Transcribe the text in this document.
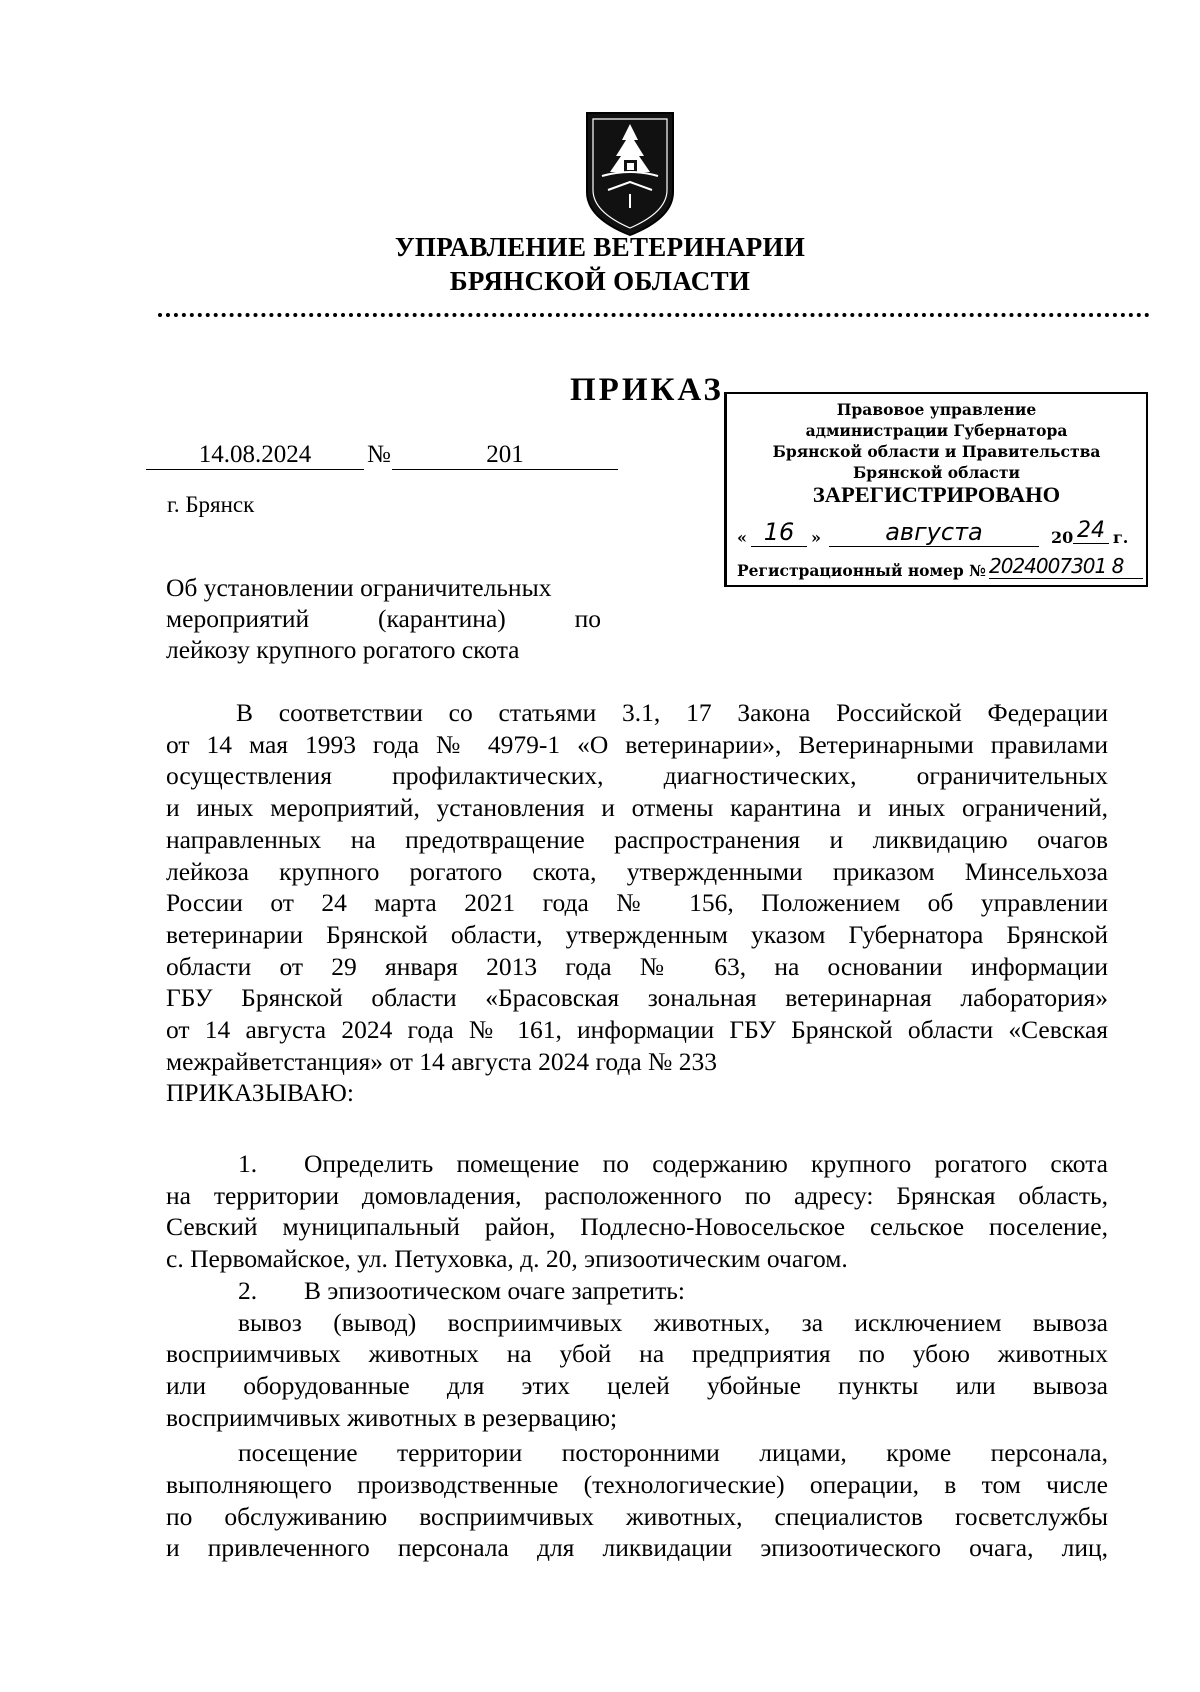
УПРАВЛЕНИЕ ВЕТЕРИНАРИИ
БРЯНСКОЙ ОБЛАСТИ
ПРИКАЗ
14.08.2024	№	201
г. Брянск
Правовое управление
администрации Губернатора
Брянской области и Правительства
Брянской области
ЗАРЕГИСТРИРОВАНО
« 16	»	августа	20 24 г.
Регистрационный номер № 2024007301 8
Об установлении ограничительных
мероприятий (карантина) по
лейкозу крупного рогатого скота
В соответствии со статьями 3.1, 17 Закона Российской Федерации
от 14 мая 1993 года № 4979-1 «О ветеринарии», Ветеринарными правилами
осуществления профилактических, диагностических, ограничительных
и иных мероприятий, установления и отмены карантина и иных ограничений,
направленных на предотвращение распространения и ликвидацию очагов
лейкоза крупного рогатого скота, утвержденными приказом Минсельхоза
России от 24 марта 2021 года № 156, Положением об управлении
ветеринарии Брянской области, утвержденным указом Губернатора Брянской
области от 29 января 2013 года № 63, на основании информации
ГБУ Брянской области «Брасовская зональная ветеринарная лаборатория»
от 14 августа 2024 года № 161, информации ГБУ Брянской области «Севская
межрайветстанция» от 14 августа 2024 года № 233
ПРИКАЗЫВАЮ:
1. Определить помещение по содержанию крупного рогатого скота
на территории домовладения, расположенного по адресу: Брянская область,
Севский муниципальный район, Подлесно-Новосельское сельское поселение,
с. Первомайское, ул. Петуховка, д. 20, эпизоотическим очагом.
2. В эпизоотическом очаге запретить:
вывоз (вывод) восприимчивых животных, за исключением вывоза
восприимчивых животных на убой на предприятия по убою животных
или оборудованные для этих целей убойные пункты или вывоза
восприимчивых животных в резервацию;
посещение территории посторонними лицами, кроме персонала,
выполняющего производственные (технологические) операции, в том числе
по обслуживанию восприимчивых животных, специалистов госветслужбы
и привлеченного персонала для ликвидации эпизоотического очага, лиц,
